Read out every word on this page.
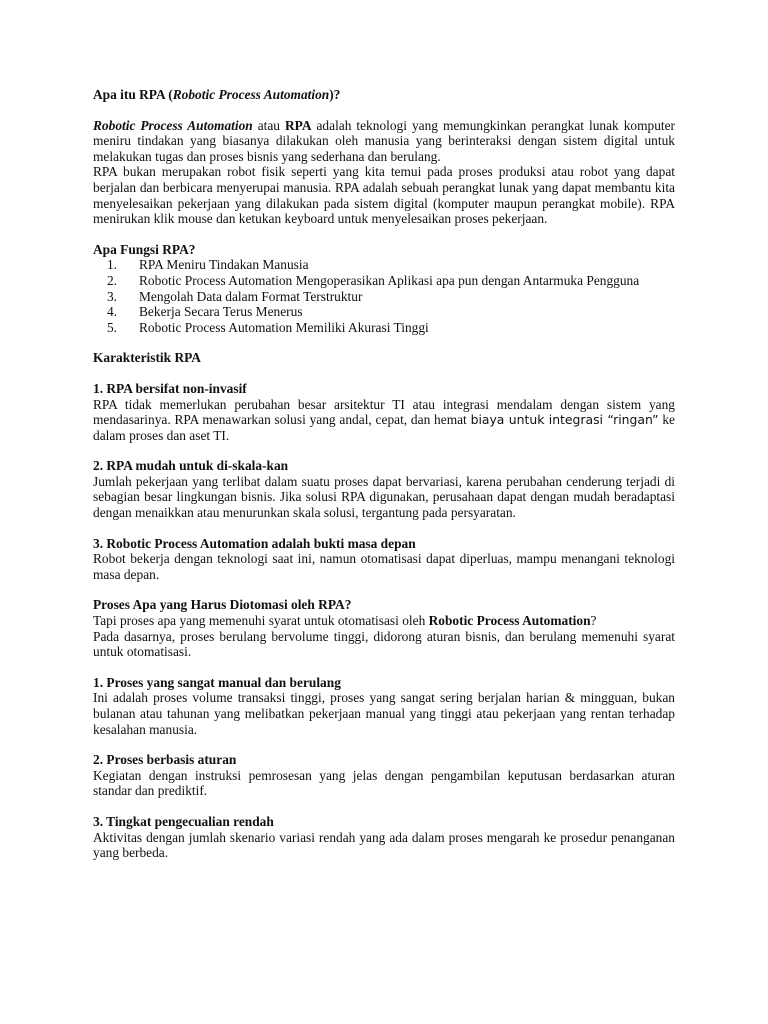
Apa itu RPA (Robotic Process Automation)?

Robotic Process Automation atau RPA adalah teknologi yang memungkinkan perangkat lunak komputer meniru tindakan yang biasanya dilakukan oleh manusia yang berinteraksi dengan sistem digital untuk melakukan tugas dan proses bisnis yang sederhana dan berulang.

RPA bukan merupakan robot fisik seperti yang kita temui pada proses produksi atau robot yang dapat berjalan dan berbicara menyerupai manusia. RPA adalah sebuah perangkat lunak yang dapat membantu kita menyelesaikan pekerjaan yang dilakukan pada sistem digital (komputer maupun perangkat mobile). RPA menirukan klik mouse dan ketukan keyboard untuk menyelesaikan proses pekerjaan.

Apa Fungsi RPA?

1. RPA Meniru Tindakan Manusia
2. Robotic Process Automation Mengoperasikan Aplikasi apa pun dengan Antarmuka Pengguna
3. Mengolah Data dalam Format Terstruktur
4. Bekerja Secara Terus Menerus
5. Robotic Process Automation Memiliki Akurasi Tinggi

Karakteristik RPA

1. RPA bersifat non-invasif

RPA tidak memerlukan perubahan besar arsitektur TI atau integrasi mendalam dengan sistem yang mendasarinya. RPA menawarkan solusi yang andal, cepat, dan hemat biaya untuk integrasi “ringan” ke dalam proses dan aset TI.

2. RPA mudah untuk di-skala-kan

Jumlah pekerjaan yang terlibat dalam suatu proses dapat bervariasi, karena perubahan cenderung terjadi di sebagian besar lingkungan bisnis. Jika solusi RPA digunakan, perusahaan dapat dengan mudah beradaptasi dengan menaikkan atau menurunkan skala solusi, tergantung pada persyaratan.

3. Robotic Process Automation adalah bukti masa depan

Robot bekerja dengan teknologi saat ini, namun otomatisasi dapat diperluas, mampu menangani teknologi masa depan.

Proses Apa yang Harus Diotomasi oleh RPA?

Tapi proses apa yang memenuhi syarat untuk otomatisasi oleh Robotic Process Automation?

Pada dasarnya, proses berulang bervolume tinggi, didorong aturan bisnis, dan berulang memenuhi syarat untuk otomatisasi.

1. Proses yang sangat manual dan berulang

Ini adalah proses volume transaksi tinggi, proses yang sangat sering berjalan harian & mingguan, bukan bulanan atau tahunan yang melibatkan pekerjaan manual yang tinggi atau pekerjaan yang rentan terhadap kesalahan manusia.

2. Proses berbasis aturan

Kegiatan dengan instruksi pemrosesan yang jelas dengan pengambilan keputusan berdasarkan aturan standar dan prediktif.

3. Tingkat pengecualian rendah

Aktivitas dengan jumlah skenario variasi rendah yang ada dalam proses mengarah ke prosedur penanganan yang berbeda.
